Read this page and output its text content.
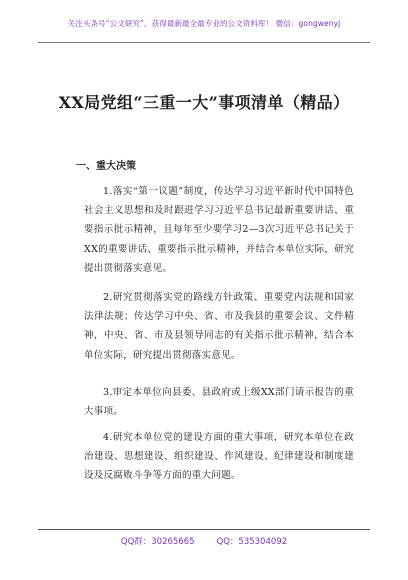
关注头条号“公文研究”，获得最新最全最专业的公文资料库！ 微信：gongwenyj
XX局党组“三重一大”事项清单（精品）
一、重大决策
1.落实“第一议题”制度，传达学习习近平新时代中国特色社会主义思想和及时跟进学习习近平总书记最新重要讲话、重要指示批示精神，且每年至少要学习2—3次习近平总书记关于XX的重要讲话、重要指示批示精神，并结合本单位实际，研究提出贯彻落实意见。
2.研究贯彻落实党的路线方针政策、重要党内法规和国家法律法规；传达学习中央、省、市及我县的重要会议、文件精神，中央、省、市及县领导同志的有关指示批示精神，结合本单位实际，研究提出贯彻落实意见。
3.审定本单位向县委、县政府或上级XX部门请示报告的重大事项。
4.研究本单位党的建设方面的重大事项，研究本单位在政治建设、思想建设、组织建设、作风建设、纪律建设和制度建设及反腐败斗争等方面的重大问题。
QQ群：30265665	QQ：535304092
